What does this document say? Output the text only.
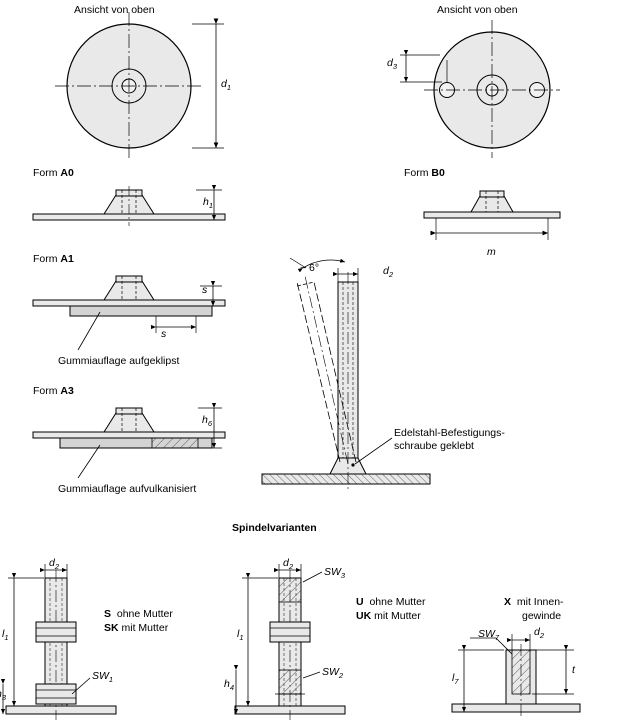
Ansicht von oben	Ansicht von oben
$d_1$
$d_3$
Form A0
$h_1$
Form B0
m
Form A1
s
s
Gummiauflage aufgeklipst
Form A3
$h_6$
Gummiauflage aufvulkanisiert
~ 6°	$d_2$
Edelstahl-Befestigungs-
schraube geklebt
Spindelvarianten
$d_2$
$l_1$
$_3$
$SW_1$
S ohne Mutter
SK mit Mutter
$d_2$	$SW_3$
$l_1$
$h_4$
$SW_2$
U ohne Mutter
UK mit Mutter
X mit Innen-
gewinde
$SW_7$	$d_2$
t
$l_7$
